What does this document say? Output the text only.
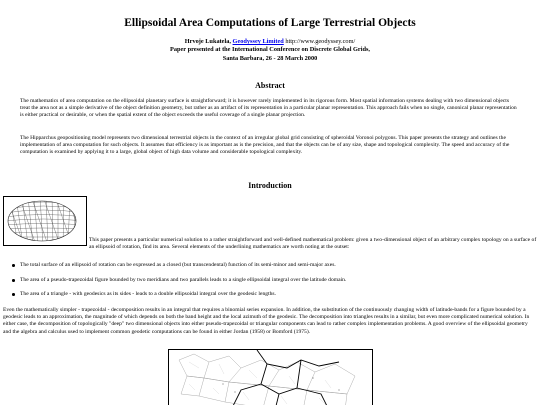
Ellipsoidal Area Computations of Large Terrestrial Objects
Hrvoje Lukatela, Geodyssey Limited http://www.geodyssey.com/
Paper presented at the International Conference on Discrete Global Grids,
Santa Barbara, 26 - 28 March 2000
Abstract

The mathematics of area computation on the ellipsoidal planetary surface is straightforward; it is however rarely implemented in its rigorous form. Most spatial information systems dealing with two dimensional objects treat the area not as a simple derivative of the object definition geometry, but rather as an artifact of its representation in a particular planar representation. This approach fails when no single, canonical planar representation is either practical or desirable, or when the spatial extent of the object exceeds the useful coverage of a single planar projection.

The Hipparchus geopositioning model represents two dimensional terrestrial objects in the context of an irregular global grid consisting of spheroidal Voronoi polygons. This paper presents the strategy and outlines the implementation of area computation for such objects. It assumes that efficiency is as important as is the precision, and that the objects can be of any size, shape and topological complexity. The speed and accuracy of the computation is examined by applying it to a large, global object of high data volume and considerable topological complexity.

Introduction
This paper presents a particular numerical solution to a rather straightforward and well-defined mathematical problem: given a two-dimensional object of an arbitrary complex topology on a surface of an ellipsoid of rotation, find its area. Several elements of the underlining mathematics are worth noting at the outset:
The total surface of an ellipsoid of rotation can be expressed as a closed (but transcendental) function of its semi-minor and semi-major axes.
The area of a pseudo-trapezoidal figure bounded by two meridians and two parallels leads to a single ellipsoidal integral over the latitude domain.
The area of a triangle - with geodesics as its sides - leads to a double ellipsoidal integral over the geodesic lengths.

Even the mathematically simpler - trapezoidal - decomposition results in an integral that requires a binomial series expansion. In addition, the substitution of the continuously changing width of latitude-bands for a figure bounded by a geodesic leads to an approximation, the magnitude of which depends on both the band height and the local azimuth of the geodesic. The decomposition into triangles results in a similar, but even more complicated numerical solution. In either case, the decomposition of topologically "deep" two dimensional objects into either pseudo-trapezoidal or triangular components can lead to rather complex implementation problems. A good overview of the ellipsoidal geometry and the algebra and calculus used to implement common geodetic computations can be found in either Jordan (1958) or Bomford (1975).
